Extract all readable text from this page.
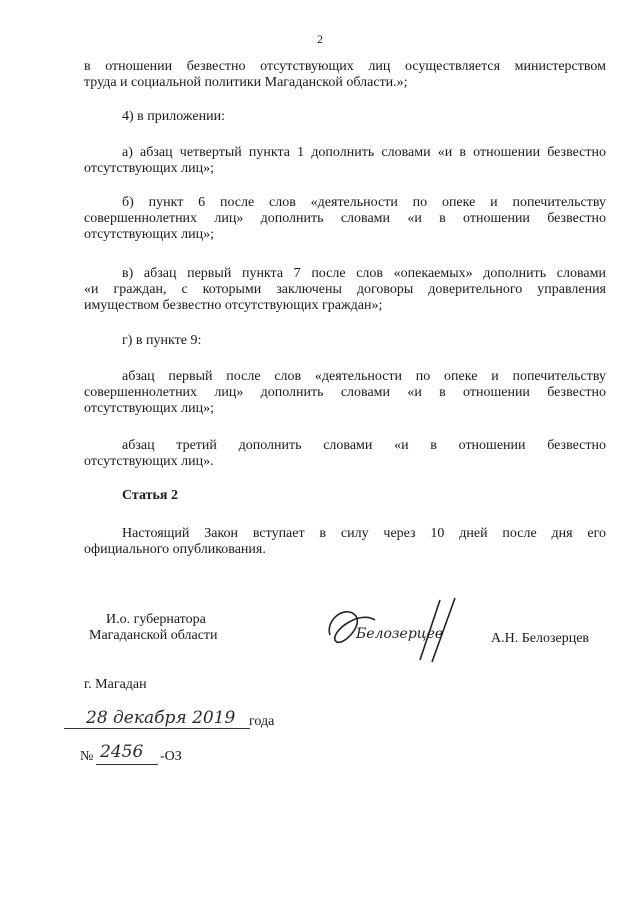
2

в отношении безвестно отсутствующих лиц осуществляется министерством

труда и социальной политики Магаданской области.»;

4) в приложении:

а) абзац четвертый пункта 1 дополнить словами «и в отношении безвестно

отсутствующих лиц»;

б) пункт 6 после слов «деятельности по опеке и попечительству

совершеннолетних лиц» дополнить словами «и в отношении безвестно

отсутствующих лиц»;

в) абзац первый пункта 7 после слов «опекаемых» дополнить словами

«и граждан, с которыми заключены договоры доверительного управления

имуществом безвестно отсутствующих граждан»;

г) в пункте 9:

абзац первый после слов «деятельности по опеке и попечительству

совершеннолетних лиц» дополнить словами «и в отношении безвестно

отсутствующих лиц»;

абзац третий дополнить словами «и в отношении безвестно

отсутствующих лиц».

Статья 2

Настоящий Закон вступает в силу через 10 дней после дня его

официального опубликования.

И.о. губернатора
Магаданской области	Белозерцев	А.Н. Белозерцев
г. Магадан
28 декабря 2019 года
№ 2456 -ОЗ
